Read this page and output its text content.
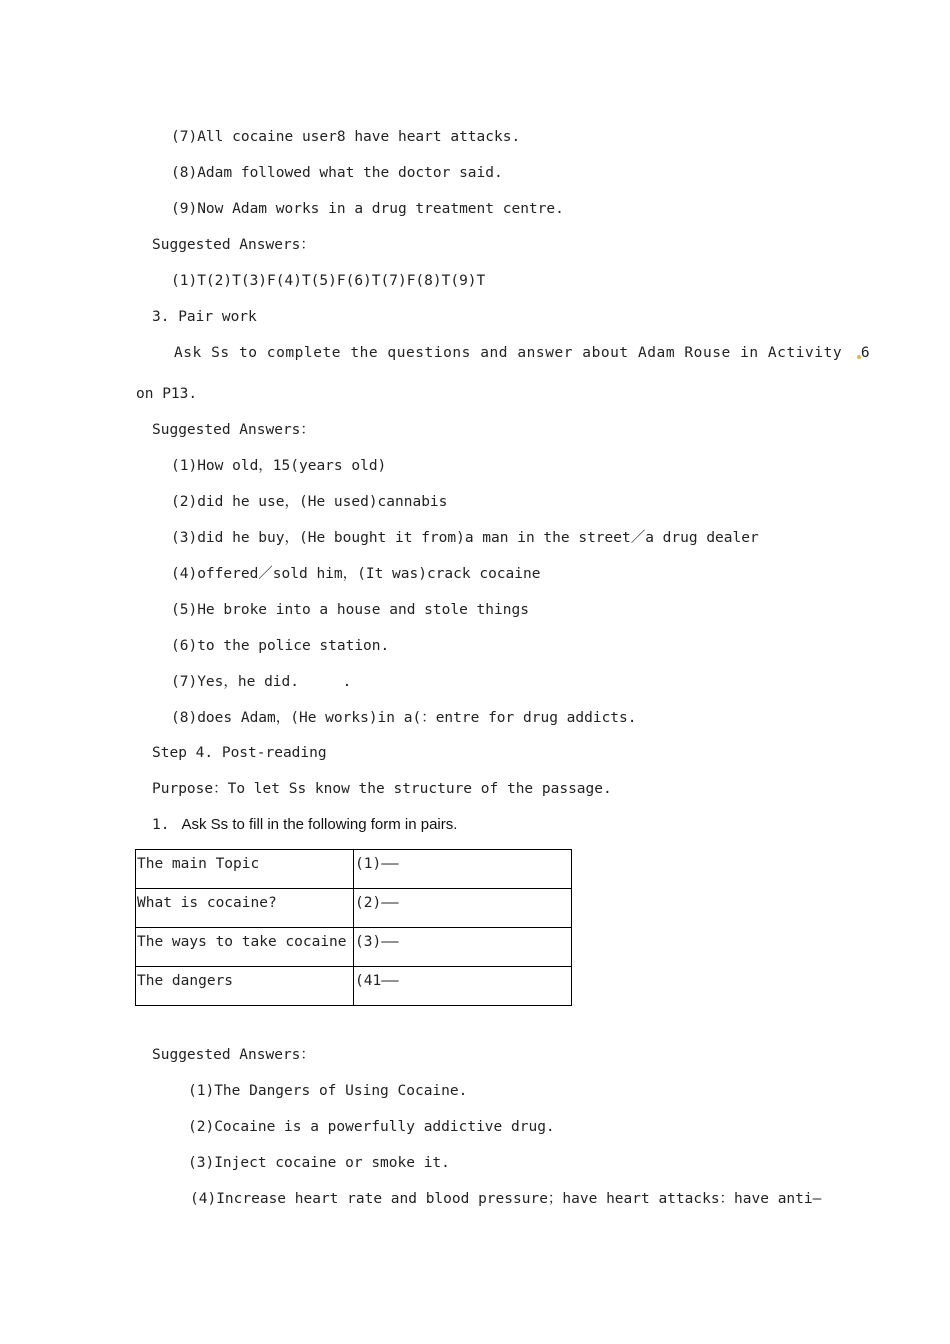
(7)All cocaine user8 have heart attacks.
(8)Adam followed what the doctor said.
(9)Now Adam works in a drug treatment centre.
Suggested Answers：
(1)T(2)T(3)F(4)T(5)F(6)T(7)F(8)T(9)T
3. Pair work
Ask Ss to complete the questions and answer about Adam Rouse in Activity 6
on P13.
Suggested Answers：
(1)How old，15(years old)
(2)did he use，(He used)cannabis
(3)did he buy，(He bought it from)a man in the street／a drug dealer
(4)offered／sold him，(It was)crack cocaine
(5)He broke into a house and stole things
(6)to the police station.
(7)Yes，he did.     .
(8)does Adam，(He works)in a(：entre for drug addicts.
Step 4. Post-reading
Purpose：To let Ss know the structure of the passage.
1. Ask Ss to fill in the following form in pairs.
The main Topic	(1)——
What is cocaine?	(2)——
The ways to take cocaine	(3)——
The dangers	(41——
Suggested Answers：
(1)The Dangers of Using Cocaine.
(2)Cocaine is a powerfully addictive drug.
(3)Inject cocaine or smoke it.
(4)Increase heart rate and blood pressure；have heart attacks：have anti—
